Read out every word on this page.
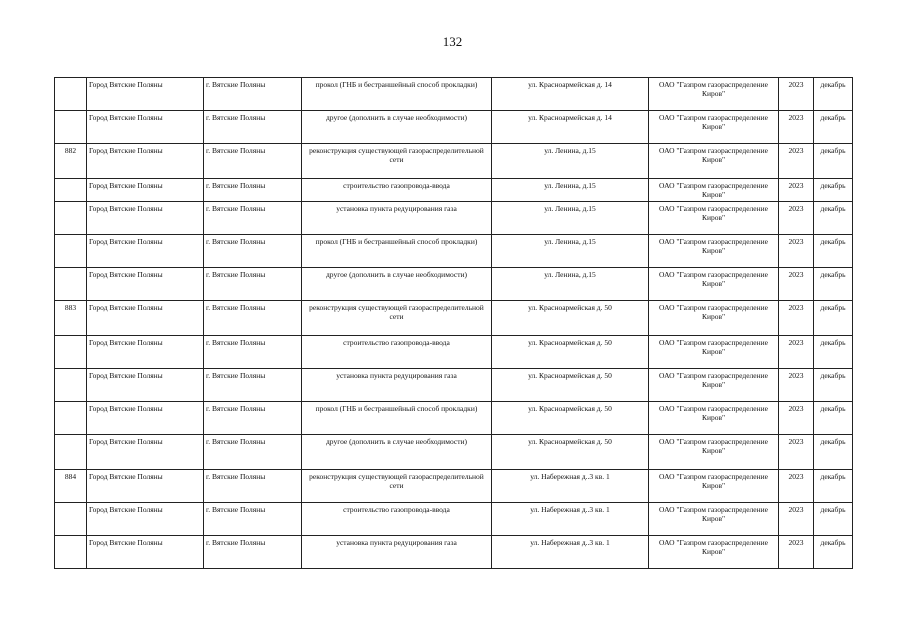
132
	Город Вятские Поляны	г. Вятские Поляны	прокол (ГНБ и бестраншейный способ прокладки)	ул. Красноармейская д. 14	ОАО "Газпром газораспределение Киров"	2023	декабрь
	Город Вятские Поляны	г. Вятские Поляны	другое (дополнить в случае необходимости)	ул. Красноармейская д. 14	ОАО "Газпром газораспределение Киров"	2023	декабрь
882	Город Вятские Поляны	г. Вятские Поляны	реконструкция существующей газораспределительной сети	ул. Ленина, д.15	ОАО "Газпром газораспределение Киров"	2023	декабрь
	Город Вятские Поляны	г. Вятские Поляны	строительство газопровода-ввода	ул. Ленина, д.15	ОАО "Газпром газораспределение Киров"	2023	декабрь
	Город Вятские Поляны	г. Вятские Поляны	установка пункта редуцирования газа	ул. Ленина, д.15	ОАО "Газпром газораспределение Киров"	2023	декабрь
	Город Вятские Поляны	г. Вятские Поляны	прокол (ГНБ и бестраншейный способ прокладки)	ул. Ленина, д.15	ОАО "Газпром газораспределение Киров"	2023	декабрь
	Город Вятские Поляны	г. Вятские Поляны	другое (дополнить в случае необходимости)	ул. Ленина, д.15	ОАО "Газпром газораспределение Киров"	2023	декабрь
883	Город Вятские Поляны	г. Вятские Поляны	реконструкция существующей газораспределительной сети	ул. Красноармейская д. 50	ОАО "Газпром газораспределение Киров"	2023	декабрь
	Город Вятские Поляны	г. Вятские Поляны	строительство газопровода-ввода	ул. Красноармейская д. 50	ОАО "Газпром газораспределение Киров"	2023	декабрь
	Город Вятские Поляны	г. Вятские Поляны	установка пункта редуцирования газа	ул. Красноармейская д. 50	ОАО "Газпром газораспределение Киров"	2023	декабрь
	Город Вятские Поляны	г. Вятские Поляны	прокол (ГНБ и бестраншейный способ прокладки)	ул. Красноармейская д. 50	ОАО "Газпром газораспределение Киров"	2023	декабрь
	Город Вятские Поляны	г. Вятские Поляны	другое (дополнить в случае необходимости)	ул. Красноармейская д. 50	ОАО "Газпром газораспределение Киров"	2023	декабрь
884	Город Вятские Поляны	г. Вятские Поляны	реконструкция существующей газораспределительной сети	ул. Набережная д..3 кв. 1	ОАО "Газпром газораспределение Киров"	2023	декабрь
	Город Вятские Поляны	г. Вятские Поляны	строительство газопровода-ввода	ул. Набережная д..3 кв. 1	ОАО "Газпром газораспределение Киров"	2023	декабрь
	Город Вятские Поляны	г. Вятские Поляны	установка пункта редуцирования газа	ул. Набережная д..3 кв. 1	ОАО "Газпром газораспределение Киров"	2023	декабрь
